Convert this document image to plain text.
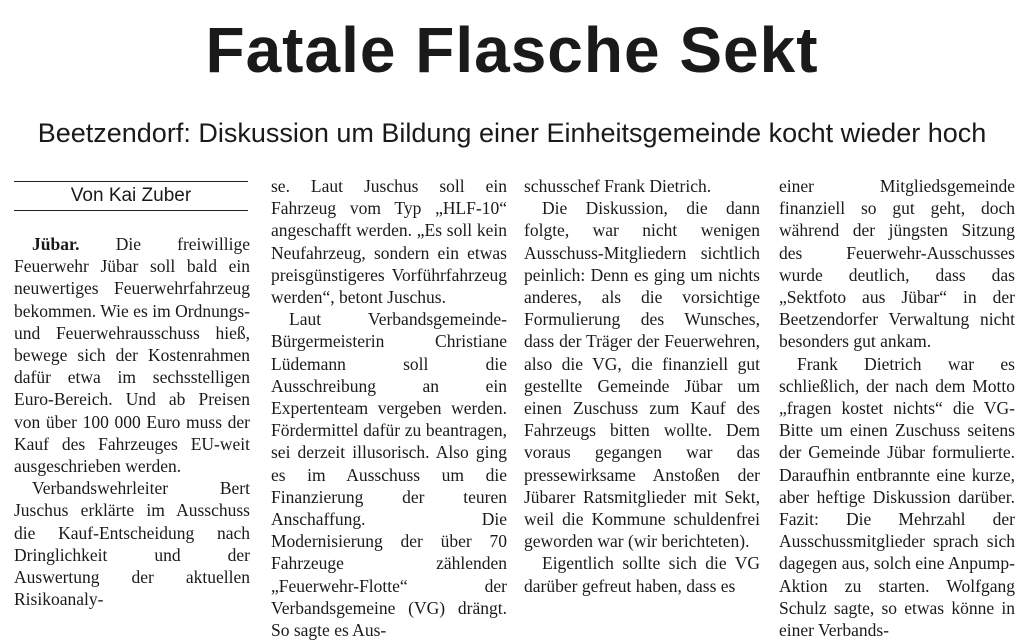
Fatale Flasche Sekt
Beetzendorf: Diskussion um Bildung einer Einheitsgemeinde kocht wieder hoch
Von Kai Zuber

Jübar. Die freiwillige Feuerwehr Jübar soll bald ein neuwertiges Feuerwehrfahrzeug bekommen. Wie es im Ordnungs- und Feuerwehrausschuss hieß, bewege sich der Kostenrahmen dafür etwa im sechsstelligen Euro-Bereich. Und ab Preisen von über 100 000 Euro muss der Kauf des Fahrzeuges EU-weit ausgeschrieben werden.

Verbandswehrleiter Bert Juschus erklärte im Ausschuss die Kauf-Entscheidung nach Dringlichkeit und der Auswertung der aktuellen Risikoanaly-

se. Laut Juschus soll ein Fahrzeug vom Typ „HLF-10“ angeschafft werden. „Es soll kein Neufahrzeug, sondern ein etwas preisgünstigeres Vorführfahrzeug werden“, betont Juschus.

Laut Verbandsgemeinde-Bürgermeisterin Christiane Lüdemann soll die Ausschreibung an ein Expertenteam vergeben werden. Fördermittel dafür zu beantragen, sei derzeit illusorisch. Also ging es im Ausschuss um die Finanzierung der teuren Anschaffung. Die Modernisierung der über 70 Fahrzeuge zählenden „Feuerwehr-Flotte“ der Verbandsgemeine (VG) drängt. So sagte es Aus-

schusschef Frank Dietrich.

Die Diskussion, die dann folgte, war nicht wenigen Ausschuss-Mitgliedern sichtlich peinlich: Denn es ging um nichts anderes, als die vorsichtige Formulierung des Wunsches, dass der Träger der Feuerwehren, also die VG, die finanziell gut gestellte Gemeinde Jübar um einen Zuschuss zum Kauf des Fahrzeugs bitten wollte. Dem voraus gegangen war das pressewirksame Anstoßen der Jübarer Ratsmitglieder mit Sekt, weil die Kommune schuldenfrei geworden war (wir berichteten).

Eigentlich sollte sich die VG darüber gefreut haben, dass es

einer Mitgliedsgemeinde finanziell so gut geht, doch während der jüngsten Sitzung des Feuerwehr-Ausschusses wurde deutlich, dass das „Sektfoto aus Jübar“ in der Beetzendorfer Verwaltung nicht besonders gut ankam.

Frank Dietrich war es schließlich, der nach dem Motto „fragen kostet nichts“ die VG-Bitte um einen Zuschuss seitens der Gemeinde Jübar formulierte. Daraufhin entbrannte eine kurze, aber heftige Diskussion darüber. Fazit: Die Mehrzahl der Ausschussmitglieder sprach sich dagegen aus, solch eine Anpump-Aktion zu starten. Wolfgang Schulz sagte, so etwas könne in einer Verbands-
